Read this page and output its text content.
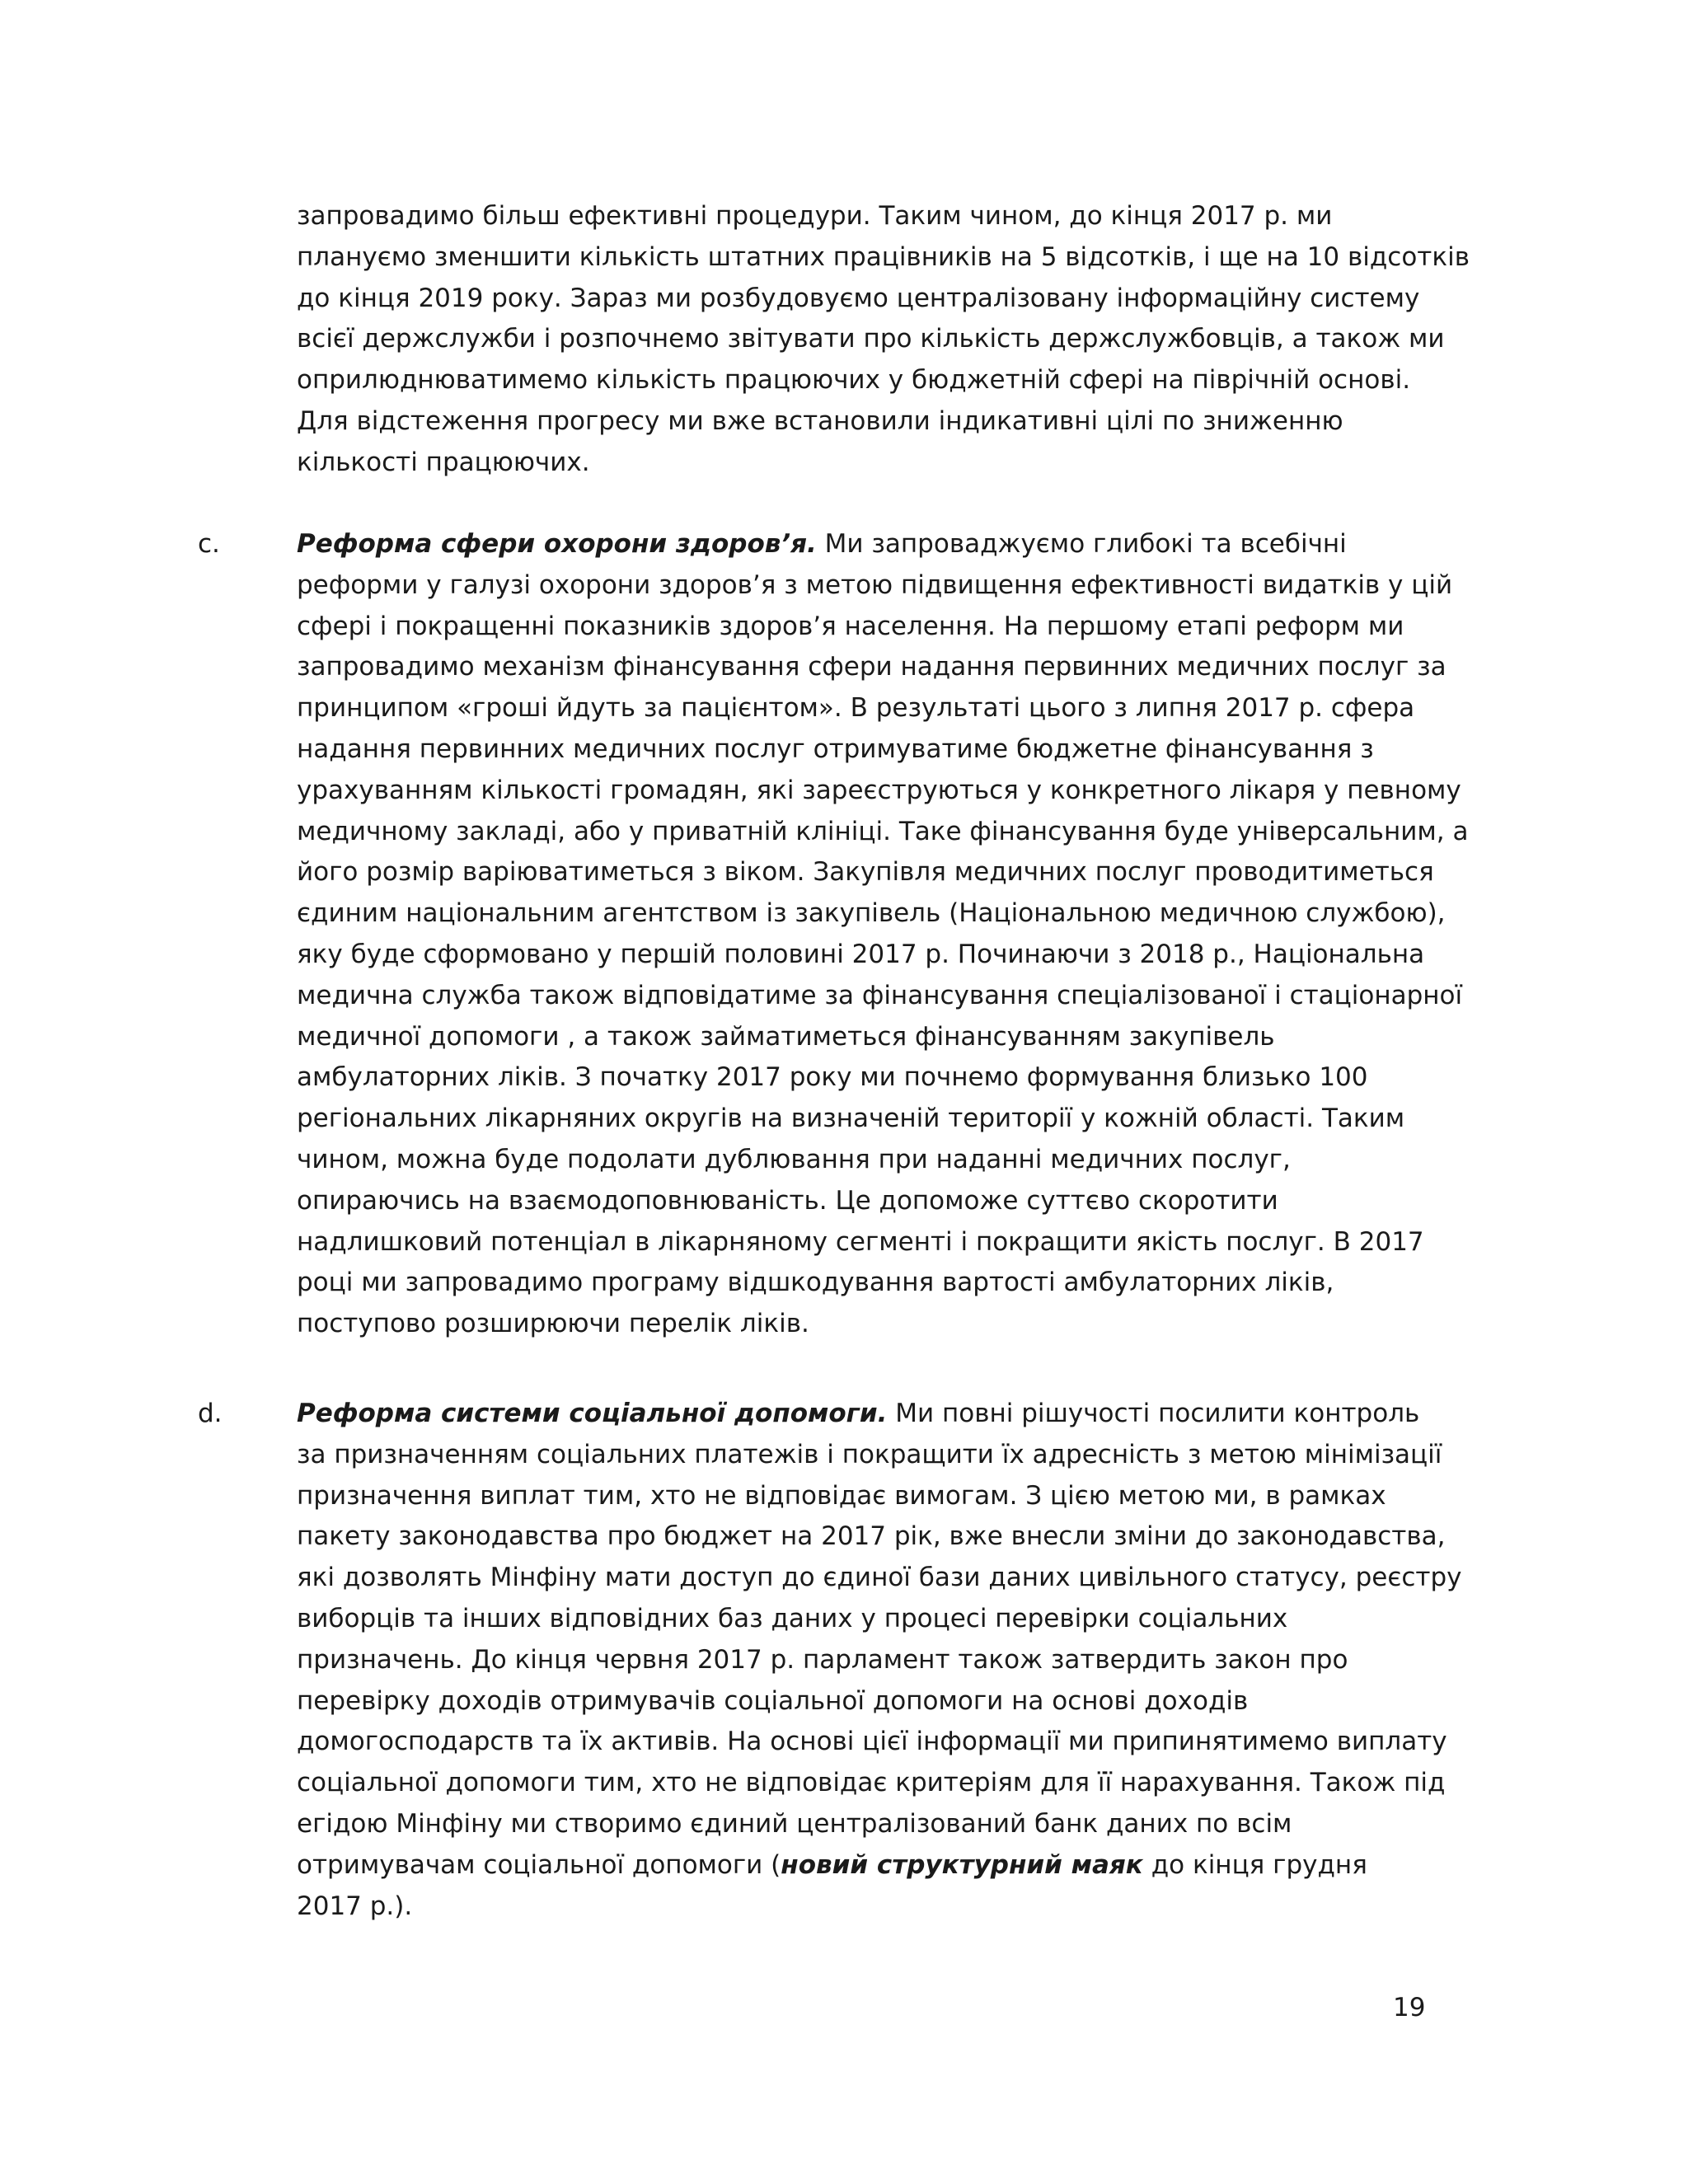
запровадимо більш ефективні процедури. Таким чином, до кінця 2017 р. ми
плануємо зменшити кількість штатних працівників на 5 відсотків, і ще на 10 відсотків
до кінця 2019 року. Зараз ми розбудовуємо централізовану інформаційну систему
всієї держслужби і розпочнемо звітувати про кількість держслужбовців, а також ми
оприлюднюватимемо кількість працюючих у бюджетній сфері на піврічній основі.
Для відстеження прогресу ми вже встановили індикативні цілі по зниженню
кількості працюючих.
c.	Реформа сфери охорони здоров’я. Ми запроваджуємо глибокі та всебічні
реформи у галузі охорони здоров’я з метою підвищення ефективності видатків у цій
сфері і покращенні показників здоров’я населення. На першому етапі реформ ми
запровадимо механізм фінансування сфери надання первинних медичних послуг за
принципом «гроші йдуть за пацієнтом». В результаті цього з липня 2017 р. сфера
надання первинних медичних послуг отримуватиме бюджетне фінансування з
урахуванням кількості громадян, які зареєструються у конкретного лікаря у певному
медичному закладі, або у приватній клініці. Таке фінансування буде універсальним, а
його розмір варіюватиметься з віком. Закупівля медичних послуг проводитиметься
єдиним національним агентством із закупівель (Національною медичною службою),
яку буде сформовано у першій половині 2017 р. Починаючи з 2018 р., Національна
медична служба також відповідатиме за фінансування спеціалізованої і стаціонарної
медичної допомоги , а також займатиметься фінансуванням закупівель
амбулаторних ліків. З початку 2017 року ми почнемо формування близько 100
регіональних лікарняних округів на визначеній території у кожній області. Таким
чином, можна буде подолати дублювання при наданні медичних послуг,
опираючись на взаємодоповнюваність. Це допоможе суттєво скоротити
надлишковий потенціал в лікарняному сегменті і покращити якість послуг. В 2017
році ми запровадимо програму відшкодування вартості амбулаторних ліків,
поступово розширюючи перелік ліків.
d.	Реформа системи соціальної допомоги. Ми повні рішучості посилити контроль
за призначенням соціальних платежів і покращити їх адресність з метою мінімізації
призначення виплат тим, хто не відповідає вимогам. З цією метою ми, в рамках
пакету законодавства про бюджет на 2017 рік, вже внесли зміни до законодавства,
які дозволять Мінфіну мати доступ до єдиної бази даних цивільного статусу, реєстру
виборців та інших відповідних баз даних у процесі перевірки соціальних
призначень. До кінця червня 2017 р. парламент також затвердить закон про
перевірку доходів отримувачів соціальної допомоги на основі доходів
домогосподарств та їх активів. На основі цієї інформації ми припинятимемо виплату
соціальної допомоги тим, хто не відповідає критеріям для її нарахування. Також під
егідою Мінфіну ми створимо єдиний централізований банк даних по всім
отримувачам соціальної допомоги (новий структурний маяк до кінця грудня
2017 р.).
19
